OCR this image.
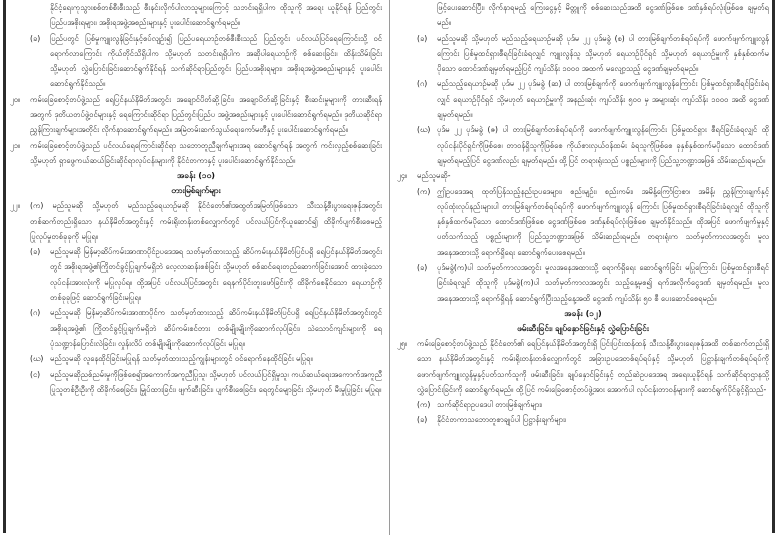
နိုင်ငံ့ရေးကုသွားစစ်တစ်စီးစီးသည် စီးနင်းလိုက်ပါလာသူများကြောင့် သဘင်းရရှိပါက ထိုသူကို အရေး ယူနိုင်ရန် ပြည်တွင်းပြည်ပအစိုးရများ၊ အစိုးရအဖွဲ့အစည်းများနှင့် ပူးပေါင်းဆောင်ရွက်ရမည်။

(ခ) ပြည်ပတွင် ပြစ်မှုကျူးလွန်ခြင်းနှင့်စပ်လျဉ်း၍ ပြည်ပရေယာဉ်တစ်စီးစီးသည် ပြည်တွင်း ပင်လယ်ပြင်ရေကြောင်းသို့ ဝင်ရောက်လာကြောင်း ကိုယ်တိုင်သိရှိပါက သို့မဟုတ် သတင်းရရှိပါက အဆိုပါရေယာဉ်ကို စစ်ဆေးခြင်း၊ ထိန်းသိမ်းခြင်း သို့မဟုတ် လွှဲပြောင်းခြင်းဆောင်ရွက်နိုင်ရန် သက်ဆိုင်ရာပြည်တွင်း ပြည်ပအစိုးရများ၊ အစိုးရအဖွဲ့အစည်းများနှင့် ပူးပေါင်းဆောင်ရွက်နိုင်သည်။

၂၀။ ကမ်းခြေစောင့်တပ်ဖွဲ့သည် ရေပြင်နယ်နိမိတ်အတွင်း အချောင်ပိတ်ဆို့ခြင်း၊ အချောပိတ်ဆို့ခြင်းနှင့် စီးဆင်းမှုများကို တားဆီးရန်အတွက် ဒုတိယတပ်ဖွဲ့ဝင်များနှင့် ရေကြောင်းဆိုင်ရာ ပြည်တွင်းပြည်ပ အဖွဲ့အစည်းများနှင့် ပူးပေါင်းဆောင်ရွက်ရမည်။ ဒုတိယဆိုင်ရာ ညွှန်ကြားချက်များအတိုင်း လိုက်နာဆောင်ရွက်ရမည်။ အမြဲတမ်းဆက်သွယ်ရေးကော်မတီနှင့် ပူးပေါင်းဆောင်ရွက်ရမည်။

၂၁။ ကမ်းခြေစောင့်တပ်ဖွဲ့သည် ပင်လယ်ရေကြောင်းဆိုင်ရာ သဘောတူညီချက်များအရ ဆောင်ရွက်ရန် အတွက် ကင်းလှည့်စစ်ဆေးခြင်း သို့မဟုတ် ရှာဖွေကယ်ဆယ်ခြင်းဆိုင်ရာလုပ်ငန်းများကို နိုင်ငံတကာနှင့် ပူးပေါင်းဆောင်ရွက်နိုင်သည်။

အခန်း (၁၀)

တားမြစ်ချက်များ

၂၂။ (က) မည်သူမဆို သို့မဟုတ် မည်သည့်ရေယာဉ်မဆို နိုင်ငံတော်၏အထွတ်အမြတ်ဖြစ်သော သီးသန့်စီးပွားရေးဇုန်အတွင်း တစ်ဆက်တည်းရှိသော နယ်နိမိတ်အတွင်းနှင့် ကမ်းရိုးတန်းတစ်လျှောက်တွင် ပင်လယ်ပြင်ကိုယူဆောင်၍ ထိခိုက်ပျက်စီးစေမည့် ပြုလုပ်မှုတစ်ခုခုကို မပြုရ။

(ခ) မည်သူမဆို မြန်မာ့ဆိပ်ကမ်းအာဏာပိုင်ဥပဒေအရ သတ်မှတ်ထားသည့် ဆိပ်ကမ်းနယ်နိမိတ်ပြင်ပရှိ ရေပြင်နယ်နိမိတ်အတွင်းတွင် အစိုးရအဖွဲ့၏ကြိုတင်ခွင့်ပြုချက်မရှိဘဲ လေ့လာဆန်းစစ်ခြင်း သို့မဟုတ် စစ်ဆင်ရေးတည်ဆောက်ခြင်းအောင် ထားခဲ့သောလုပ်ငန်းအားလုံးကို မပြုလုပ်ရ။ ထို့အပြင် ပင်လယ်ပြင်အတွင်း ရေနက်ပိုင်းတူးဖော်ခြင်းကို ထိခိုက်စေနိုင်သော ရေယာဉ်ကို တစ်ခုခုဖြင့် ဆောင်ရွက်ခြင်းမပြုရ။

(ဂ) မည်သူမဆို မြန်မာ့ဆိပ်ကမ်းအာဏာပိုင်က သတ်မှတ်ထားသည့် ဆိပ်ကမ်းနယ်နိမိတ်ပြင်ပရှိ ရေပြင်နယ်နိမိတ်အတွင်းတွင် အစိုးရအဖွဲ့၏ ကြိုတင်ခွင့်ပြုချက်မရှိဘဲ ဆိပ်ကမ်းစင်တား တစ်မျိုးမျိုးကိုဆောက်လုပ်ခြင်း၊ သဲသောင်ကျင်းများကို ရေပုံသဏ္ဍာန်ပြောင်းလဲခြင်း၊ လှုန်းလိပ် တစ်မျိုးမျိုးကိုဆောက်လုပ်ခြင်း မပြုရ။

(ဃ) မည်သူမဆို လူနေထိုင်ခြင်းမပြုရန် သတ်မှတ်ထားသည့်ကျွန်းများတွင် ဝင်ရောက်နေထိုင်ခြင်း မပြုရ။

(င) မည်သူမဆိုညစ်ညမ်းမှုကိုဖြစ်စေ၍အကောက်အကူညီပြုသူ၊ သို့မဟုတ် ပင်လယ်ပြင်ရှိမှုသူ၊ ကယ်ဆယ်ရေးအကောက်အကူညီပြုသူတစ်ဦးဦးကို ထိခိုက်စေခြင်း၊ မြှုပ်ထားခြင်း၊ ဖျက်ဆီးခြင်း၊ ပျက်စီးစေခြင်း၊ ရေတွင်မျောခြင်း သို့မဟုတ် မီးမှုပြုခြင်း မပြုရ။

ဖြင့်ပေးဆောင်ပြီး၊ လိုက်နာရမည့် ကြေးငွေနှင့် မိတ္တူကို စစ်ဆေးသည်အထိ ငွေဒဏ်ဖြစ်စေ ဒဏ်နှစ်ရပ်လုံးဖြစ်စေ ချမှတ်ရမည်။

(ခ) မည်သူမဆို သို့မဟုတ် မည်သည့်ရေယာဉ်မဆို ပုဒ်မ ၂၂ ပုဒ်မခွဲ (စ) ပါ တားမြစ်ချက်တစ်ရပ်ရပ်ကို ဖောက်ဖျက်ကျူးလွန်ကြောင်း ပြစ်မှုထင်ရှားစီရင်ခြင်းခံရလျှင် ကျူးလွန်သူ သို့မဟုတ် ရေယာဉ်ပိုင်ရှင် သို့မဟုတ် ရေယာဉ်မှူးကို နှစ်နှစ်ထက်မပိုသော ထောင်ဒဏ်ချမှတ်ရမည့်ပြင် ကျပ်သိန်း ၁၀၀၀ အထက် မလျော့သည့် ငွေဒဏ်ချမှတ်ရမည်။

(ဂ) မည်သည့်ရေယာဉ်မဆို ပုဒ်မ ၂၂ ပုဒ်မခွဲ (ဆ) ပါ တားမြစ်ချက်ကို ဖောက်ဖျက်ကျူးလွန်ကြောင်း ပြစ်မှုထင်ရှားစီရင်ခြင်းခံရလျှင် ရေယာဉ်ပိုင်ရှင် သို့မဟုတ် ရေယာဉ်မှူးကို အနည်းဆုံး ကျပ်သိန်း ၅၀၀ မှ အများဆုံး ကျပ်သိန်း ၁၀၀၀ အထိ ငွေဒဏ်ချမှတ်ရမည်။

(ဃ) ပုဒ်မ ၂၂ ပုဒ်မခွဲ (ဇ) ပါ တားမြစ်ချက်တစ်ရပ်ရပ်ကို ဖောက်ဖျက်ကျူးလွန်ကြောင်း ပြစ်မှုထင်ရှား စီရင်ခြင်းခံရလျှင် ထိုလုပ်ငန်းပိုင်ရှင်ကိုဖြစ်စေ၊ တာဝန်ရှိသူကိုဖြစ်စေ ကိုယ်စားလှယ်ဝန်ထမ်း ခံရသူကိုဖြစ်စေ ခုနှစ်နှစ်ထက်မပိုသော ထောင်ဒဏ်ချမှတ်ရမည့်ပြင် ငွေဒဏ်လည်း ချမှတ်ရမည်။ ထို့ပြင် တရားရုံးသည် ပစ္စည်းများကို ပြည်သူ့ဘဏ္ဍာအဖြစ် သိမ်းဆည်းရမည်။

၂၄။ မည်သူမဆို-

(က) ဤဥပဒေအရ ထုတ်ပြန်သည့်နည်းဥပဒေများ၊ စည်းမျဉ်း၊ စည်းကမ်း၊ အမိန့်ကြော်ငြာစာ၊ အမိန့်၊ ညွှန်ကြားချက်နှင့် လုပ်ထုံးလုပ်နည်းများပါ တားမြစ်ချက်တစ်ရပ်ရပ်ကို ဖောက်ဖျက်ကျူးလွန် ကြောင်း ပြစ်မှုထင်ရှားစီရင်ခြင်းခံရလျှင် ထိုသူကို နှစ်နှစ်ထက်မပိုသော ထောင်ဒဏ်ဖြစ်စေ ငွေဒဏ်ဖြစ်စေ ဒဏ်နှစ်ရပ်လုံးဖြစ်စေ ချမှတ်နိုင်သည်။ ထိုအပြင် ဖောက်ဖျက်မှုနှင့် ပတ်သက်သည့် ပစ္စည်းများကို ပြည်သူ့ဘဏ္ဍာအဖြစ် သိမ်းဆည်းရမည်။ တရားရုံးက သတ်မှတ်ကာလအတွင်း မူလအနေအထားသို့ ရောက်ရှိရေး ဆောင်ရွက်ပေးစေရမည်။

(ခ) ပုဒ်မခွဲ(က)ပါ သတ်မှတ်ကာလအတွင်း မူလအနေအထားသို့ ရောက်ရှိရေး ဆောင်ရွက်ခြင်း မပြုကြောင်း ပြစ်မှုထင်ရှားစီရင်ခြင်းခံရလျှင် ထိုသူကို ပုဒ်မခွဲ(က)ပါ သတ်မှတ်ကာလအတွင်း သည့်နေ့မှစ၍ ရက်အလိုက်ငွေဒဏ် ချမှတ်ရမည်။ မူလအနေအထားသို့ ရောက်ရှိရန် ဆောင်ရွက်ပြီးသည့်နေ့အထိ ငွေဒဏ် ကျပ်သိန်း ၅၀ စီ ပေးဆောင်စေရမည်။

အခန်း (၁၂)

ဖမ်းဆီးခြင်း၊ ချုပ်နှောင်ခြင်းနှင့် လွှဲပြောင်းခြင်း

၂၅။ ကမ်းခြေစောင့်တပ်ဖွဲ့သည် နိုင်ငံတော်၏ ရေပြင်နယ်နိမိတ်အတွင်းရှိ ပြင်းပြင်းထန်ထန် သီးသန့်စီးပွားရေးဇုန်အထိ တစ်ဆက်တည်းရှိသော နယ်နိမိတ်အတွင်းနှင့် ကမ်းရိုးတန်းတစ်လျှောက်တွင် အခြားဥပဒေတစ်ရပ်ရပ်နှင့် သို့မဟုတ် ပြဋ္ဌာန်းချက်တစ်ရပ်ရပ်ကို ဖောက်ဖျက်ကျူးလွန်မှုနှင့်ပတ်သက်သူကို ဖမ်းဆီးခြင်း၊ ချုပ်နှောင်ခြင်းနှင့် တည်ဆဲဥပဒေအရ အရေးယူနိုင်ရန် သက်ဆိုင်ရာဌာနသို့ လွှဲပြောင်းခြင်းကို ဆောင်ရွက်ရမည်။ ထို့ပြင် ကမ်းခြေစောင့်တပ်ဖွဲ့အား အောက်ပါ လုပ်ငန်းတာဝန်များကို ဆောင်ရွက်ပိုင်ခွင့်ရှိသည်-

(က) သက်ဆိုင်ရာဥပဒေပါ တားမြစ်ချက်များ၊

(ခ) နိုင်ငံတကာသဘောတူစာချုပ်ပါ ပြဋ္ဌာန်းချက်များ၊
